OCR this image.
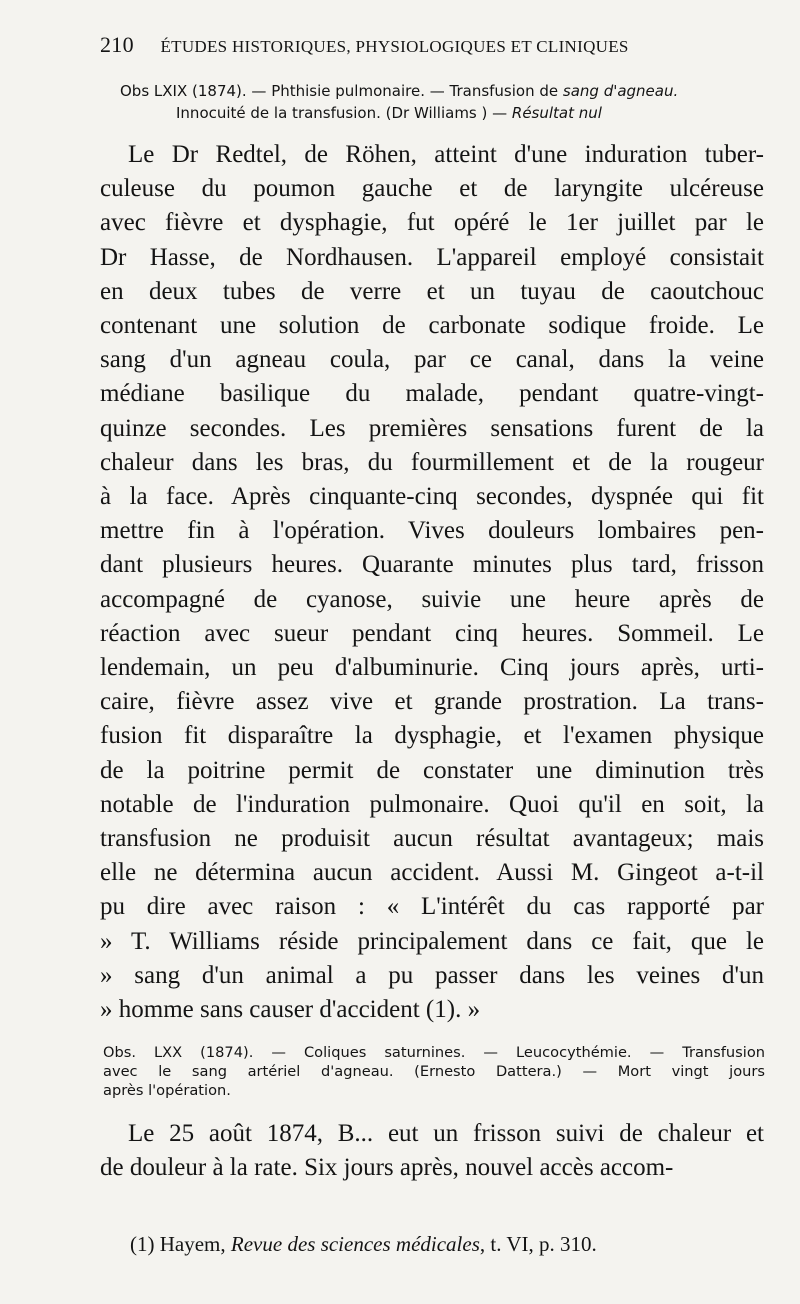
210 ÉTUDES HISTORIQUES, PHYSIOLOGIQUES ET CLINIQUES
Obs LXIX (1874). — Phthisie pulmonaire. — Transfusion de sang d'agneau.
Innocuité de la transfusion. (Dr Williams ) — Résultat nul
Le Dr Redtel, de Röhen, atteint d'une induration tuber-
culeuse du poumon gauche et de laryngite ulcéreuse
avec fièvre et dysphagie, fut opéré le 1er juillet par le
Dr Hasse, de Nordhausen. L'appareil employé consistait
en deux tubes de verre et un tuyau de caoutchouc
contenant une solution de carbonate sodique froide. Le
sang d'un agneau coula, par ce canal, dans la veine
médiane basilique du malade, pendant quatre-vingt-
quinze secondes. Les premières sensations furent de la
chaleur dans les bras, du fourmillement et de la rougeur
à la face. Après cinquante-cinq secondes, dyspnée qui fit
mettre fin à l'opération. Vives douleurs lombaires pen-
dant plusieurs heures. Quarante minutes plus tard, frisson
accompagné de cyanose, suivie une heure après de
réaction avec sueur pendant cinq heures. Sommeil. Le
lendemain, un peu d'albuminurie. Cinq jours après, urti-
caire, fièvre assez vive et grande prostration. La trans-
fusion fit disparaître la dysphagie, et l'examen physique
de la poitrine permit de constater une diminution très
notable de l'induration pulmonaire. Quoi qu'il en soit, la
transfusion ne produisit aucun résultat avantageux; mais
elle ne détermina aucun accident. Aussi M. Gingeot a-t-il
pu dire avec raison : « L'intérêt du cas rapporté par
» T. Williams réside principalement dans ce fait, que le
» sang d'un animal a pu passer dans les veines d'un
» homme sans causer d'accident (1). »
Obs. LXX (1874). — Coliques saturnines. — Leucocythémie. — Transfusion
avec le sang artériel d'agneau. (Ernesto Dattera.) — Mort vingt jours
après l'opération.
Le 25 août 1874, B... eut un frisson suivi de chaleur et
de douleur à la rate. Six jours après, nouvel accès accom-
(1) Hayem, Revue des sciences médicales, t. VI, p. 310.
